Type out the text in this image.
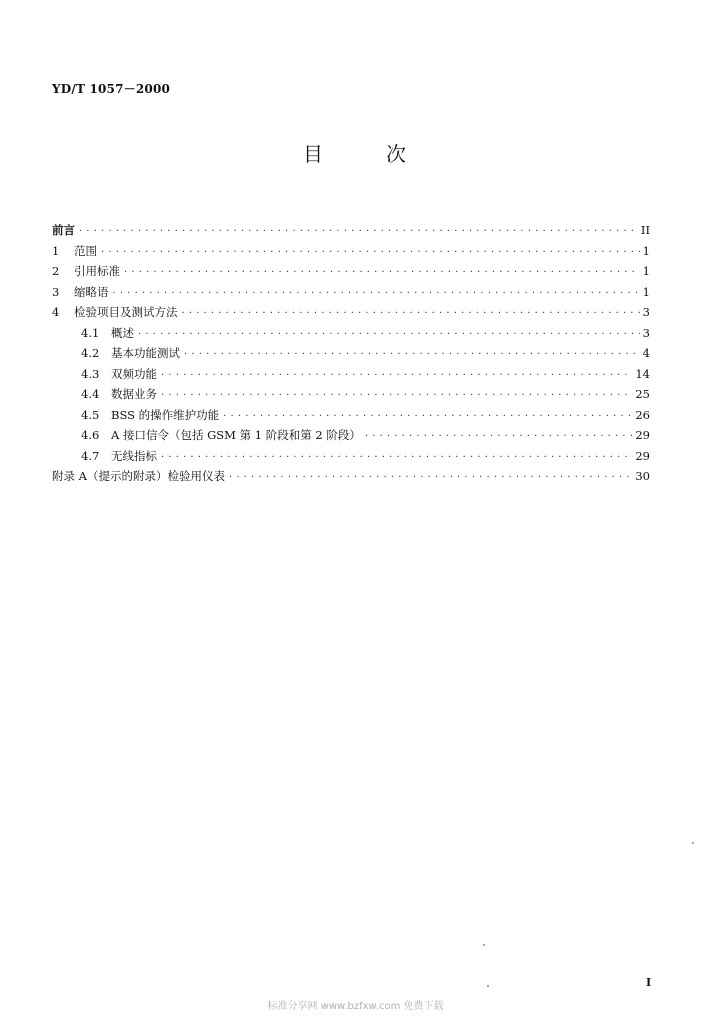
YD/T 1057－2000
目	次
前言 · · ·	II
1	范围 · · ·	1
2	引用标准 · · ·	1
3	缩略语 · · ·	1
4	检验项目及测试方法 · · ·	3
4.1	概述 · · ·	3
4.2	基本功能测试 · · ·	4
4.3	双频功能 · · ·	14
4.4	数据业务 · · ·	25
4.5	BSS 的操作维护功能 · · ·	26
4.6	A 接口信令（包括 GSM 第 1 阶段和第 2 阶段） · · ·	29
4.7	无线指标 · · ·	29
附录 A（提示的附录）检验用仪表 · · ·	30
I
标准分享网 www.bzfxw.com 免费下载
